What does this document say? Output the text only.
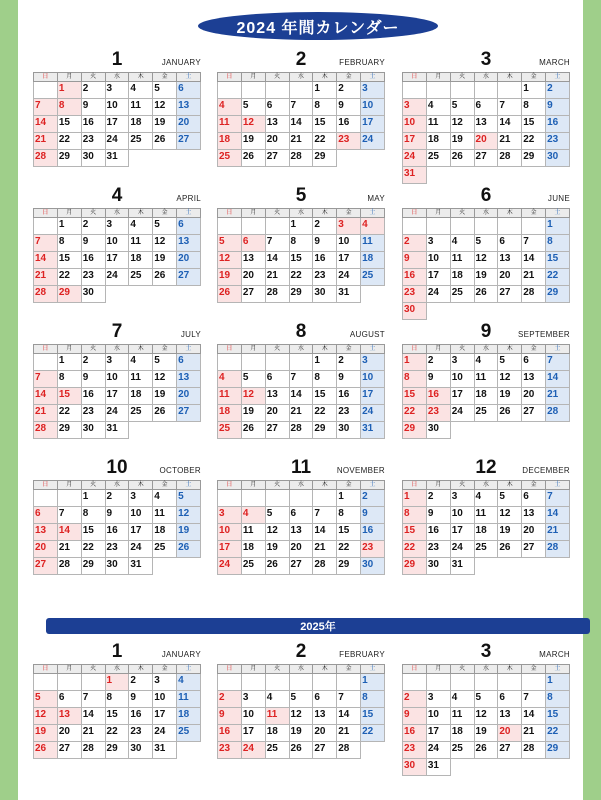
2024 年間カレンダー
2025年
1	JANUARY
日	月	火	水	木	金	土

	1	2	3	4	5	6

7	8	9	10	11	12	13

14	15	16	17	18	19	20

21	22	23	24	25	26	27

28	29	30	31			

2	FEBRUARY
日	月	火	水	木	金	土

				1	2	3

4	5	6	7	8	9	10

11	12	13	14	15	16	17

18	19	20	21	22	23	24

25	26	27	28	29		

3	MARCH
日	月	火	水	木	金	土

					1	2

3	4	5	6	7	8	9

10	11	12	13	14	15	16

17	18	19	20	21	22	23

24	25	26	27	28	29	30

31						

4	APRIL
日	月	火	水	木	金	土

	1	2	3	4	5	6

7	8	9	10	11	12	13

14	15	16	17	18	19	20

21	22	23	24	25	26	27

28	29	30				

5	MAY
日	月	火	水	木	金	土

			1	2	3	4

5	6	7	8	9	10	11

12	13	14	15	16	17	18

19	20	21	22	23	24	25

26	27	28	29	30	31	

6	JUNE
日	月	火	水	木	金	土

						1

2	3	4	5	6	7	8

9	10	11	12	13	14	15

16	17	18	19	20	21	22

23	24	25	26	27	28	29

30						

7	JULY
日	月	火	水	木	金	土

	1	2	3	4	5	6

7	8	9	10	11	12	13

14	15	16	17	18	19	20

21	22	23	24	25	26	27

28	29	30	31			

8	AUGUST
日	月	火	水	木	金	土

				1	2	3

4	5	6	7	8	9	10

11	12	13	14	15	16	17

18	19	20	21	22	23	24

25	26	27	28	29	30	31
9	SEPTEMBER
日	月	火	水	木	金	土

1	2	3	4	5	6	7

8	9	10	11	12	13	14

15	16	17	18	19	20	21

22	23	24	25	26	27	28

29	30					

10	OCTOBER
日	月	火	水	木	金	土

		1	2	3	4	5

6	7	8	9	10	11	12

13	14	15	16	17	18	19

20	21	22	23	24	25	26

27	28	29	30	31		

11	NOVEMBER
日	月	火	水	木	金	土

					1	2

3	4	5	6	7	8	9

10	11	12	13	14	15	16

17	18	19	20	21	22	23

24	25	26	27	28	29	30
12	DECEMBER
日	月	火	水	木	金	土

1	2	3	4	5	6	7

8	9	10	11	12	13	14

15	16	17	18	19	20	21

22	23	24	25	26	27	28

29	30	31				

1	JANUARY
日	月	火	水	木	金	土

			1	2	3	4

5	6	7	8	9	10	11

12	13	14	15	16	17	18

19	20	21	22	23	24	25

26	27	28	29	30	31	

2	FEBRUARY
日	月	火	水	木	金	土

						1

2	3	4	5	6	7	8

9	10	11	12	13	14	15

16	17	18	19	20	21	22

23	24	25	26	27	28	

3	MARCH
日	月	火	水	木	金	土

						1

2	3	4	5	6	7	8

9	10	11	12	13	14	15

16	17	18	19	20	21	22

23	24	25	26	27	28	29

30	31					
